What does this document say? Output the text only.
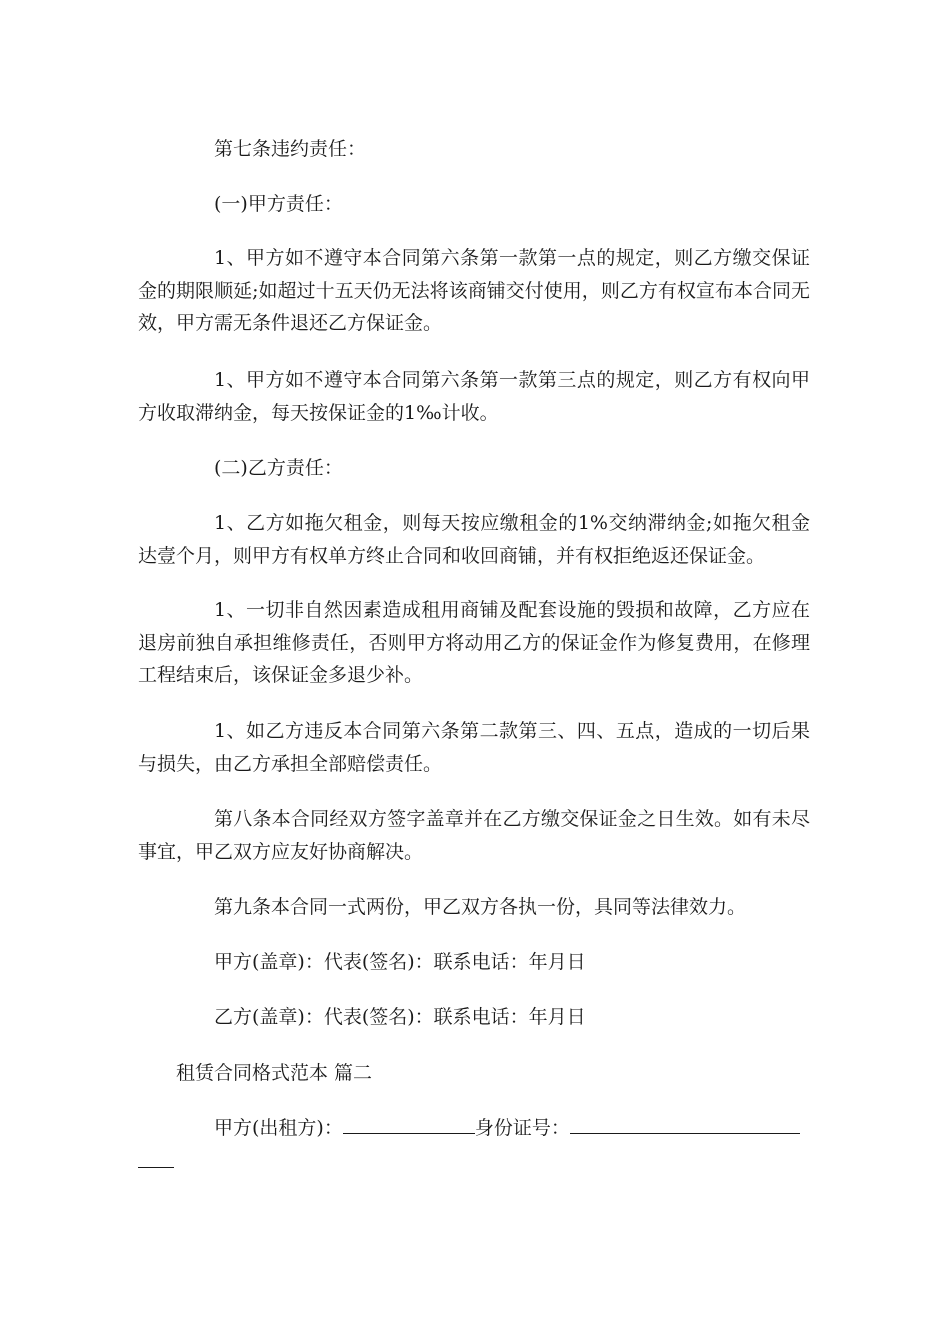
第七条违约责任：

(一)甲方责任：

1、甲方如不遵守本合同第六条第一款第一点的规定，则乙方缴交保证金的期限顺延;如超过十五天仍无法将该商铺交付使用，则乙方有权宣布本合同无效，甲方需无条件退还乙方保证金。

1、甲方如不遵守本合同第六条第一款第三点的规定，则乙方有权向甲方收取滞纳金，每天按保证金的1‰计收。

(二)乙方责任：

1、乙方如拖欠租金，则每天按应缴租金的1%交纳滞纳金;如拖欠租金达壹个月，则甲方有权单方终止合同和收回商铺，并有权拒绝返还保证金。

1、一切非自然因素造成租用商铺及配套设施的毁损和故障，乙方应在退房前独自承担维修责任，否则甲方将动用乙方的保证金作为修复费用，在修理工程结束后，该保证金多退少补。

1、如乙方违反本合同第六条第二款第三、四、五点，造成的一切后果与损失，由乙方承担全部赔偿责任。

第八条本合同经双方签字盖章并在乙方缴交保证金之日生效。如有未尽事宜，甲乙双方应友好协商解决。

第九条本合同一式两份，甲乙双方各执一份，具同等法律效力。

甲方(盖章)：代表(签名)：联系电话：年月日

乙方(盖章)：代表(签名)：联系电话：年月日

租赁合同格式范本 篇二

甲方(出租方)：	身份证号：
